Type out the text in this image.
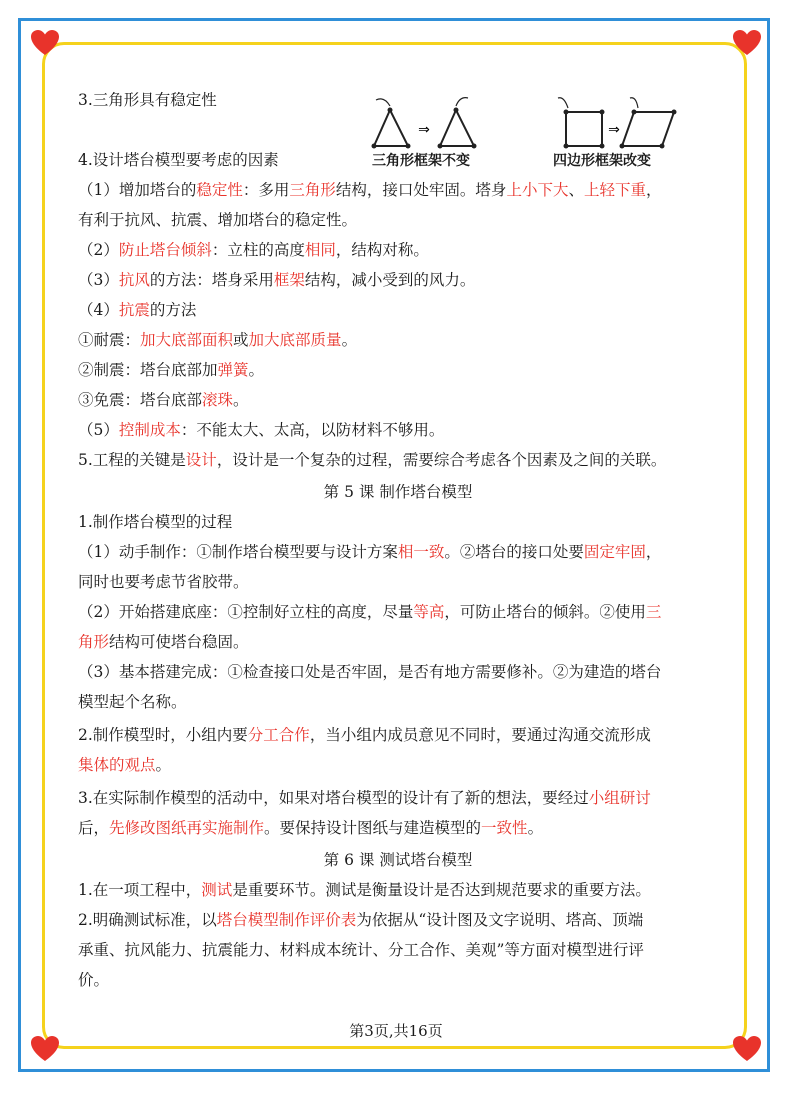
⇒
三角形框架不变
⇒
四边形框架改变
3.三角形具有稳定性
4.设计塔台模型要考虑的因素
（1）增加塔台的稳定性：多用三角形结构，接口处牢固。塔身上小下大、上轻下重，
有利于抗风、抗震、增加塔台的稳定性。
（2）防止塔台倾斜：立柱的高度相同，结构对称。
（3）抗风的方法：塔身采用框架结构，减小受到的风力。
（4）抗震的方法
①耐震：加大底部面积或加大底部质量。
②制震：塔台底部加弹簧。
③免震：塔台底部滚珠。
（5）控制成本：不能太大、太高，以防材料不够用。
5.工程的关键是设计，设计是一个复杂的过程，需要综合考虑各个因素及之间的关联。
第 5 课 制作塔台模型
1.制作塔台模型的过程
（1）动手制作：①制作塔台模型要与设计方案相一致。②塔台的接口处要固定牢固，
同时也要考虑节省胶带。
（2）开始搭建底座：①控制好立柱的高度，尽量等高，可防止塔台的倾斜。②使用三
角形结构可使塔台稳固。
（3）基本搭建完成：①检查接口处是否牢固，是否有地方需要修补。②为建造的塔台
模型起个名称。
2.制作模型时，小组内要分工合作，当小组内成员意见不同时，要通过沟通交流形成
集体的观点。
3.在实际制作模型的活动中，如果对塔台模型的设计有了新的想法，要经过小组研讨
后，先修改图纸再实施制作。要保持设计图纸与建造模型的一致性。
第 6 课 测试塔台模型
1.在一项工程中，测试是重要环节。测试是衡量设计是否达到规范要求的重要方法。
2.明确测试标准，以塔台模型制作评价表为依据从“设计图及文字说明、塔高、顶端
承重、抗风能力、抗震能力、材料成本统计、分工合作、美观”等方面对模型进行评
价。
第3页,共16页
